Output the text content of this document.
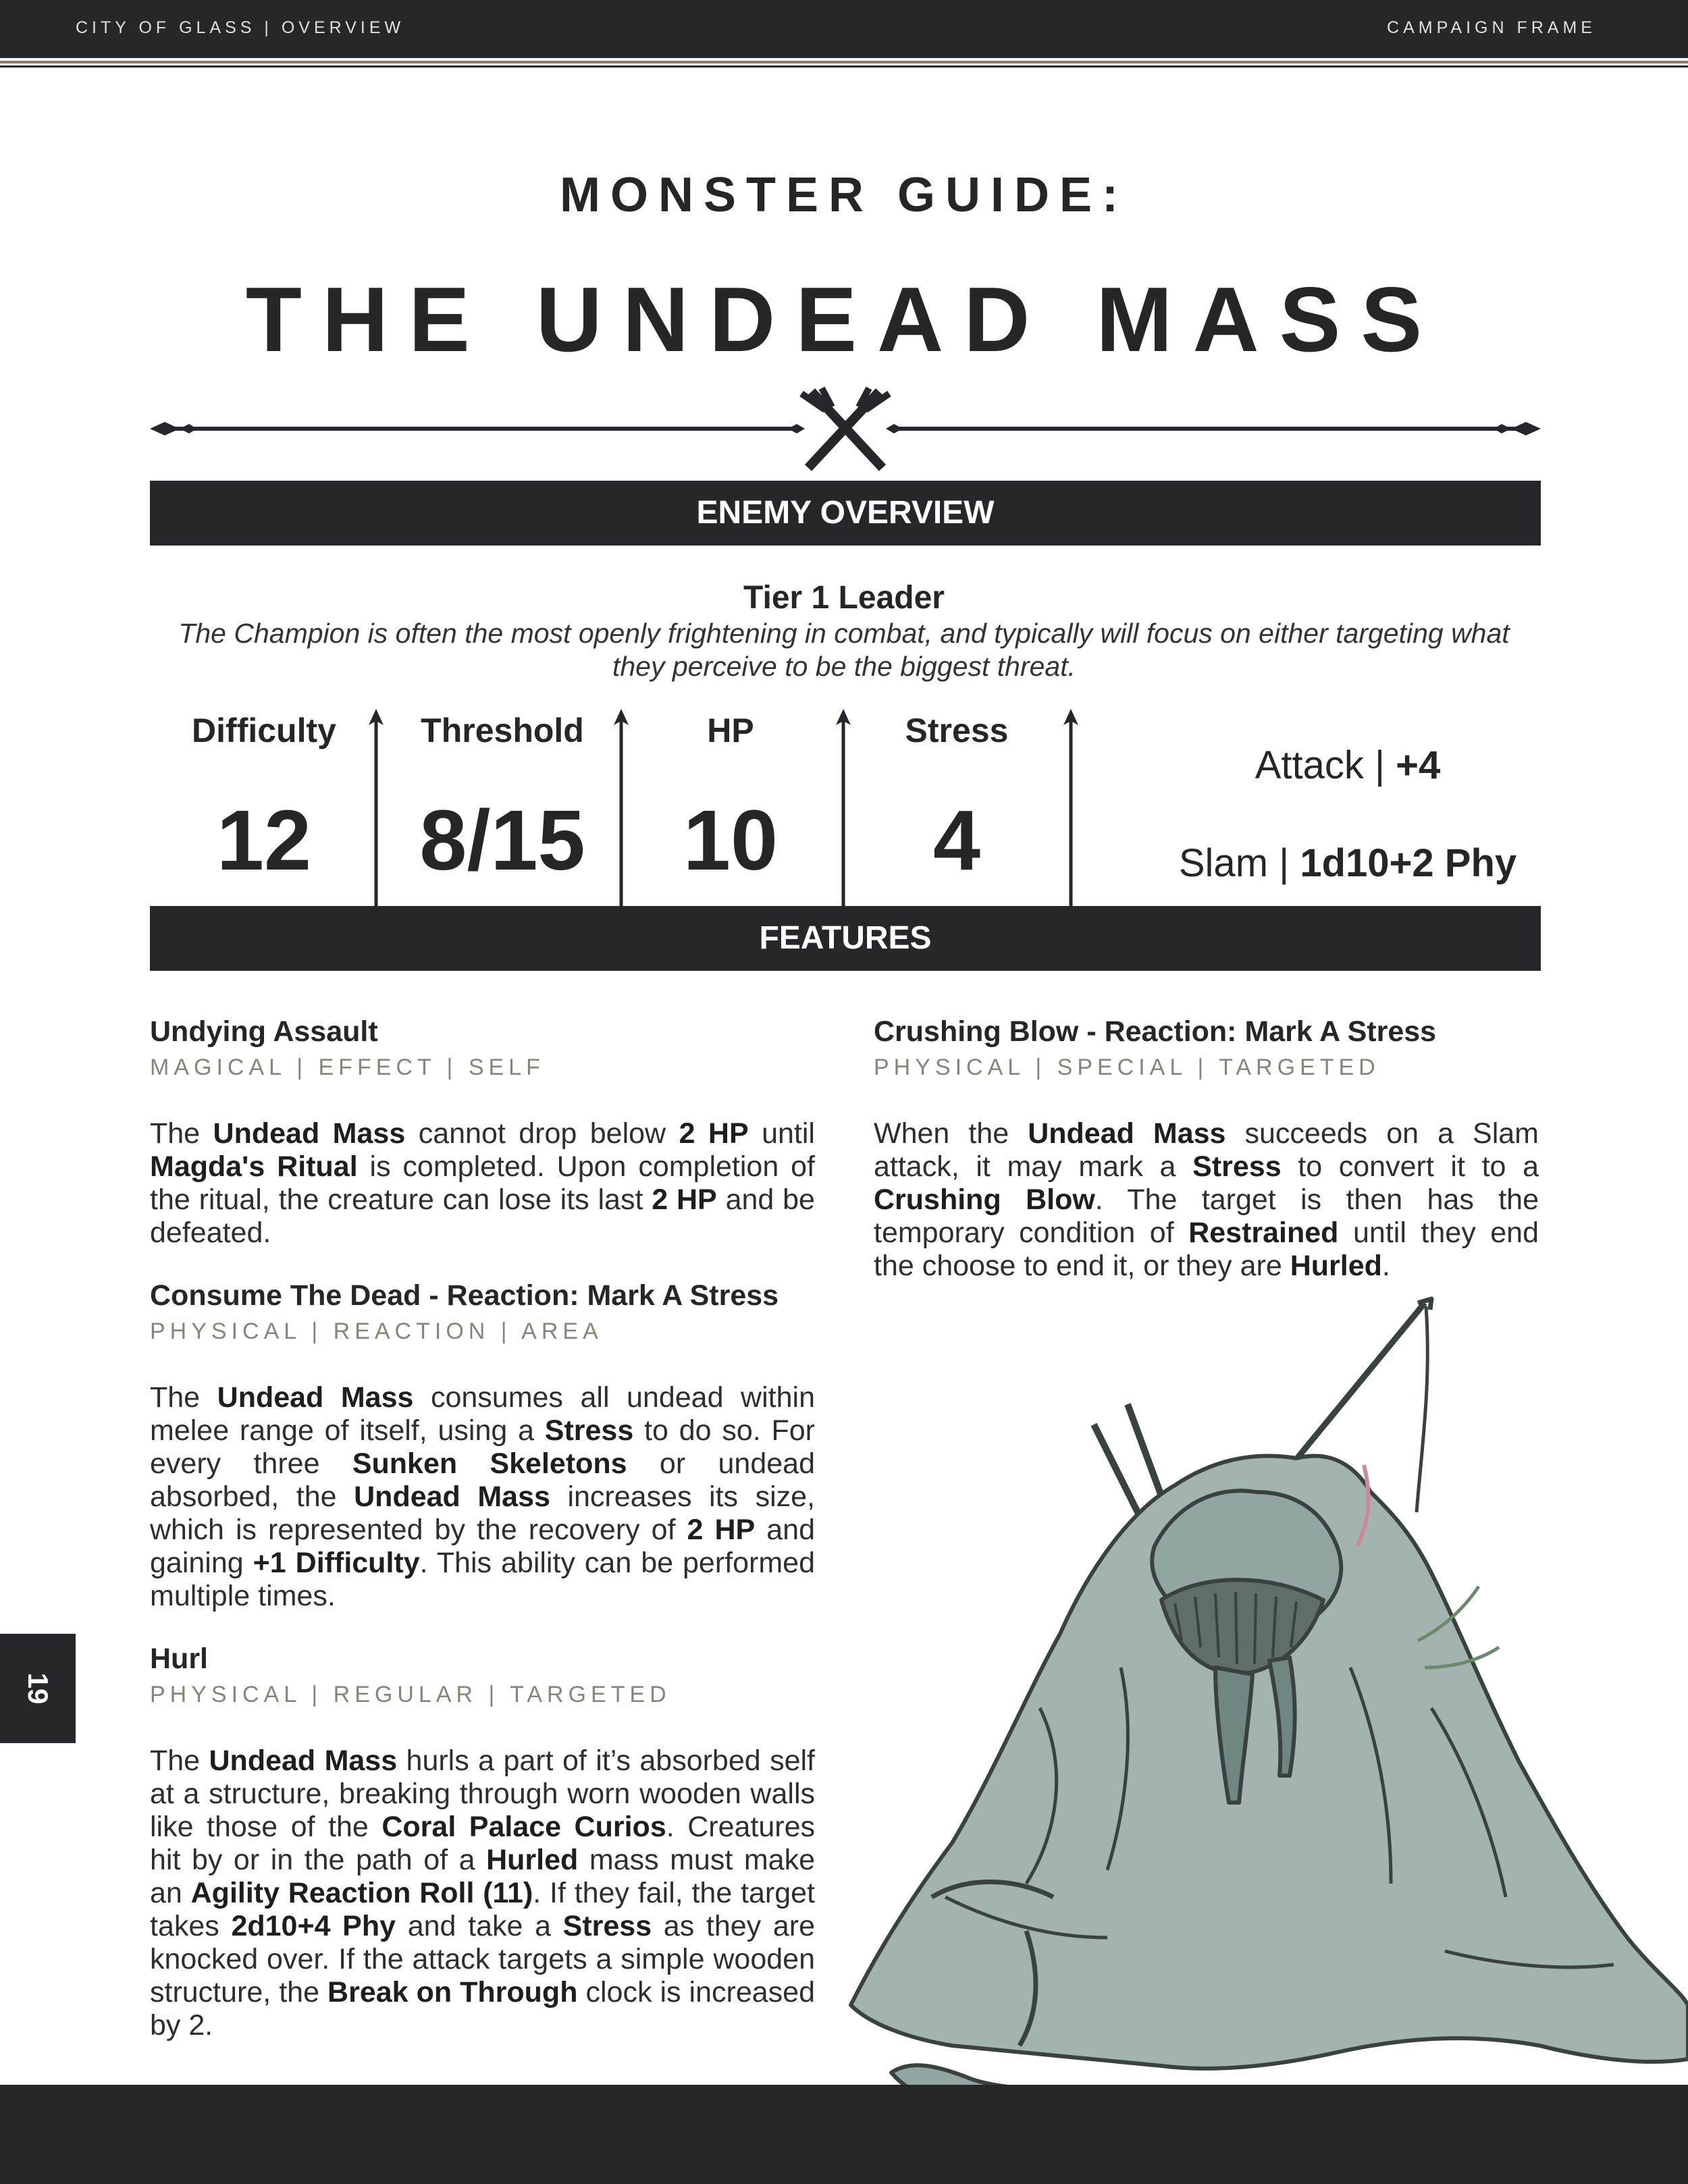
CITY OF GLASS | OVERVIEW	CAMPAIGN FRAME
MONSTER GUIDE:
THE UNDEAD MASS
ENEMY OVERVIEW
Tier 1 Leader
The Champion is often the most openly frightening in combat, and typically will focus on either targeting what they perceive to be the biggest threat.
Difficulty
12
Threshold
8/15
HP
10
Stress
4
Attack | +4
Slam | 1d10+2 Phy
FEATURES
Undying Assault
MAGICAL | EFFECT | SELF

The Undead Mass cannot drop below 2 HP until Magda's Ritual is completed. Upon completion of the ritual, the creature can lose its last 2 HP and be defeated.

Consume The Dead - Reaction: Mark A Stress
PHYSICAL | REACTION | AREA

The Undead Mass consumes all undead within melee range of itself, using a Stress to do so. For every three Sunken Skeletons or undead absorbed, the Undead Mass increases its size, which is represented by the recovery of 2 HP and gaining +1 Difficulty. This ability can be performed multiple times.

Hurl
PHYSICAL | REGULAR | TARGETED

The Undead Mass hurls a part of it’s absorbed self at a structure, breaking through worn wooden walls like those of the Coral Palace Curios. Creatures hit by or in the path of a Hurled mass must make an Agility Reaction Roll (11). If they fail, the target takes 2d10+4 Phy and take a Stress as they are knocked over. If the attack targets a simple wooden structure, the Break on Through clock is increased by 2.

Crushing Blow - Reaction: Mark A Stress
PHYSICAL | SPECIAL | TARGETED

When the Undead Mass succeeds on a Slam attack, it may mark a Stress to convert it to a Crushing Blow. The target is then has the temporary condition of Restrained until they end the choose to end it, or they are Hurled.

19
